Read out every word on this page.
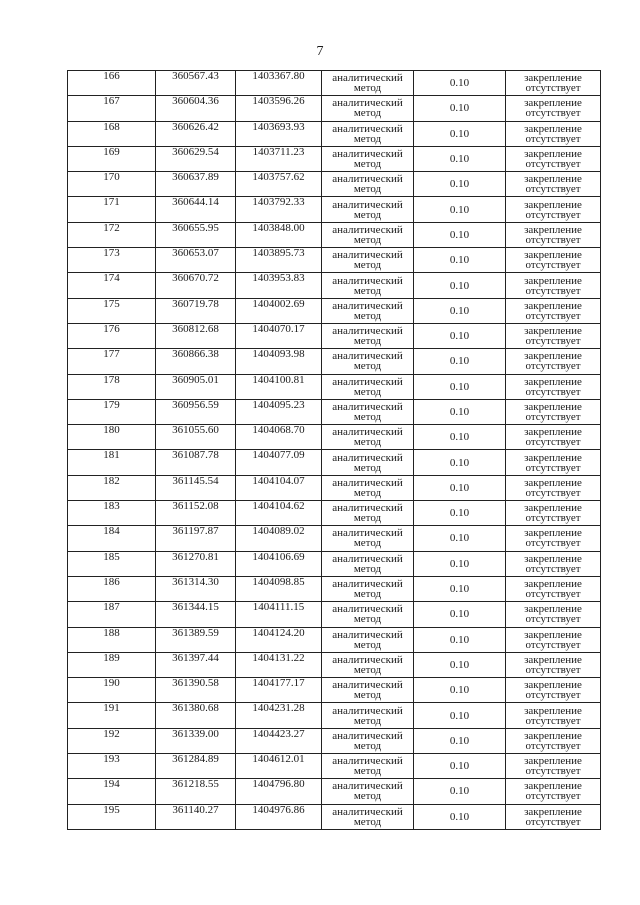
7
166	360567.43	1403367.80	аналитический
метод	0.10	закрепление
отсутствует

167	360604.36	1403596.26	аналитический
метод	0.10	закрепление
отсутствует

168	360626.42	1403693.93	аналитический
метод	0.10	закрепление
отсутствует

169	360629.54	1403711.23	аналитический
метод	0.10	закрепление
отсутствует

170	360637.89	1403757.62	аналитический
метод	0.10	закрепление
отсутствует

171	360644.14	1403792.33	аналитический
метод	0.10	закрепление
отсутствует

172	360655.95	1403848.00	аналитический
метод	0.10	закрепление
отсутствует

173	360653.07	1403895.73	аналитический
метод	0.10	закрепление
отсутствует

174	360670.72	1403953.83	аналитический
метод	0.10	закрепление
отсутствует

175	360719.78	1404002.69	аналитический
метод	0.10	закрепление
отсутствует

176	360812.68	1404070.17	аналитический
метод	0.10	закрепление
отсутствует

177	360866.38	1404093.98	аналитический
метод	0.10	закрепление
отсутствует

178	360905.01	1404100.81	аналитический
метод	0.10	закрепление
отсутствует

179	360956.59	1404095.23	аналитический
метод	0.10	закрепление
отсутствует

180	361055.60	1404068.70	аналитический
метод	0.10	закрепление
отсутствует

181	361087.78	1404077.09	аналитический
метод	0.10	закрепление
отсутствует

182	361145.54	1404104.07	аналитический
метод	0.10	закрепление
отсутствует

183	361152.08	1404104.62	аналитический
метод	0.10	закрепление
отсутствует

184	361197.87	1404089.02	аналитический
метод	0.10	закрепление
отсутствует

185	361270.81	1404106.69	аналитический
метод	0.10	закрепление
отсутствует

186	361314.30	1404098.85	аналитический
метод	0.10	закрепление
отсутствует

187	361344.15	1404111.15	аналитический
метод	0.10	закрепление
отсутствует

188	361389.59	1404124.20	аналитический
метод	0.10	закрепление
отсутствует

189	361397.44	1404131.22	аналитический
метод	0.10	закрепление
отсутствует

190	361390.58	1404177.17	аналитический
метод	0.10	закрепление
отсутствует

191	361380.68	1404231.28	аналитический
метод	0.10	закрепление
отсутствует

192	361339.00	1404423.27	аналитический
метод	0.10	закрепление
отсутствует

193	361284.89	1404612.01	аналитический
метод	0.10	закрепление
отсутствует

194	361218.55	1404796.80	аналитический
метод	0.10	закрепление
отсутствует

195	361140.27	1404976.86	аналитический
метод	0.10	закрепление
отсутствует
